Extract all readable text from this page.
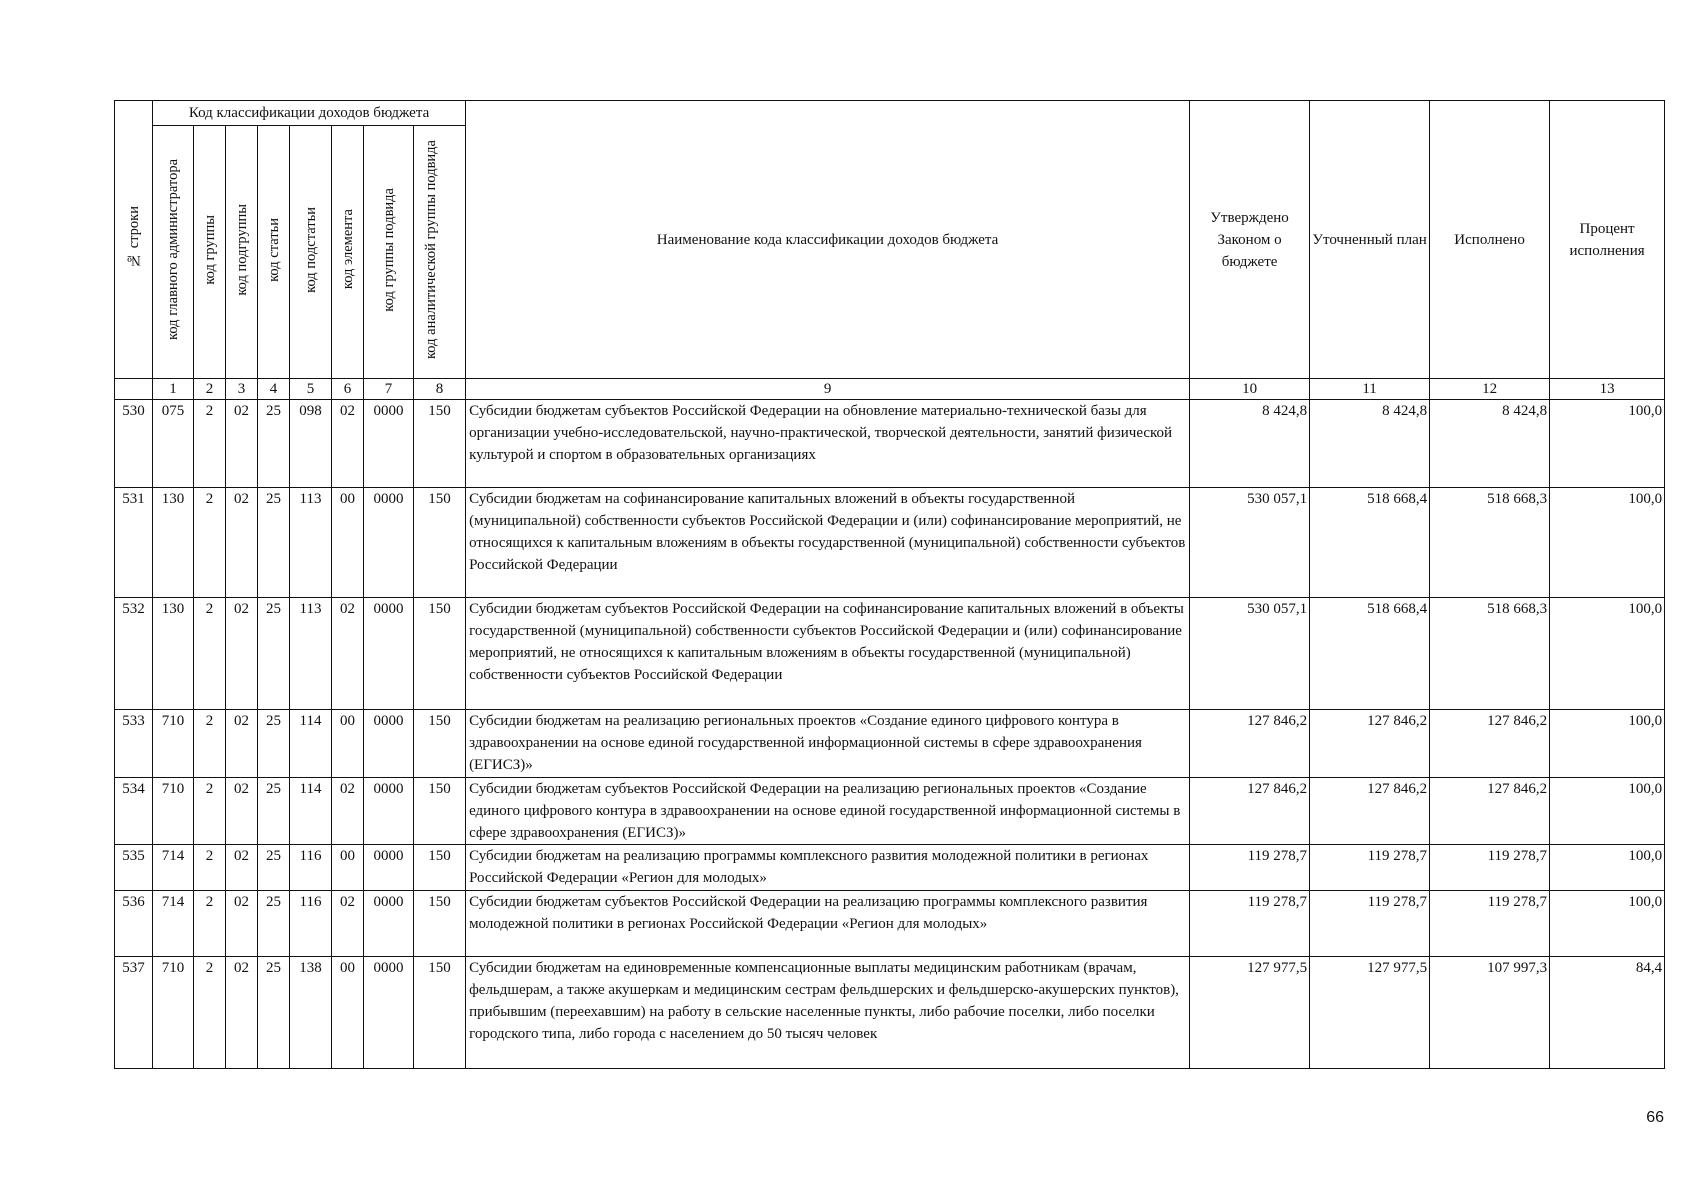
№ строки	Код классификации доходов бюджета								Наименование кода классификации доходов бюджета	Утверждено Законом о бюджете	Уточненный план	Исполнено	Процент исполнения
	код главного администратора	код группы	код подгруппы	код статьи	код подстатьи	код элемента	код группы подвида	код аналитической группы подвида					
	1	2	3	4	5	6	7	8	9	10	11	12	13
530	075	2	02	25	098	02	0000	150	Субсидии бюджетам субъектов Российской Федерации на обновление материально-технической базы для организации учебно-исследовательской, научно-практической, творческой деятельности, занятий физической культурой и спортом в образовательных организациях	8 424,8	8 424,8	8 424,8	100,0
531	130	2	02	25	113	00	0000	150	Субсидии бюджетам на софинансирование капитальных вложений в объекты государственной (муниципальной) собственности субъектов Российской Федерации и (или) софинансирование мероприятий, не относящихся к капитальным вложениям в объекты государственной (муниципальной) собственности субъектов Российской Федерации	530 057,1	518 668,4	518 668,3	100,0
532	130	2	02	25	113	02	0000	150	Субсидии бюджетам субъектов Российской Федерации на софинансирование капитальных вложений в объекты государственной (муниципальной) собственности субъектов Российской Федерации и (или) софинансирование мероприятий, не относящихся к капитальным вложениям в объекты государственной (муниципальной) собственности субъектов Российской Федерации	530 057,1	518 668,4	518 668,3	100,0
533	710	2	02	25	114	00	0000	150	Субсидии бюджетам на реализацию региональных проектов «Создание единого цифрового контура в здравоохранении на основе единой государственной информационной системы в сфере здравоохранения (ЕГИСЗ)»	127 846,2	127 846,2	127 846,2	100,0
534	710	2	02	25	114	02	0000	150	Субсидии бюджетам субъектов Российской Федерации на реализацию региональных проектов «Создание единого цифрового контура в здравоохранении на основе единой государственной информационной системы в сфере здравоохранения (ЕГИСЗ)»	127 846,2	127 846,2	127 846,2	100,0
535	714	2	02	25	116	00	0000	150	Субсидии бюджетам на реализацию программы комплексного развития молодежной политики в регионах Российской Федерации «Регион для молодых»	119 278,7	119 278,7	119 278,7	100,0
536	714	2	02	25	116	02	0000	150	Субсидии бюджетам субъектов Российской Федерации на реализацию программы комплексного развития молодежной политики в регионах Российской Федерации «Регион для молодых»	119 278,7	119 278,7	119 278,7	100,0
537	710	2	02	25	138	00	0000	150	Субсидии бюджетам на единовременные компенсационные выплаты медицинским работникам (врачам, фельдшерам, а также акушеркам и медицинским сестрам фельдшерских и фельдшерско-акушерских пунктов), прибывшим (переехавшим) на работу в сельские населенные пункты, либо рабочие поселки, либо поселки городского типа, либо города с населением до 50 тысяч человек	127 977,5	127 977,5	107 997,3	84,4
66
